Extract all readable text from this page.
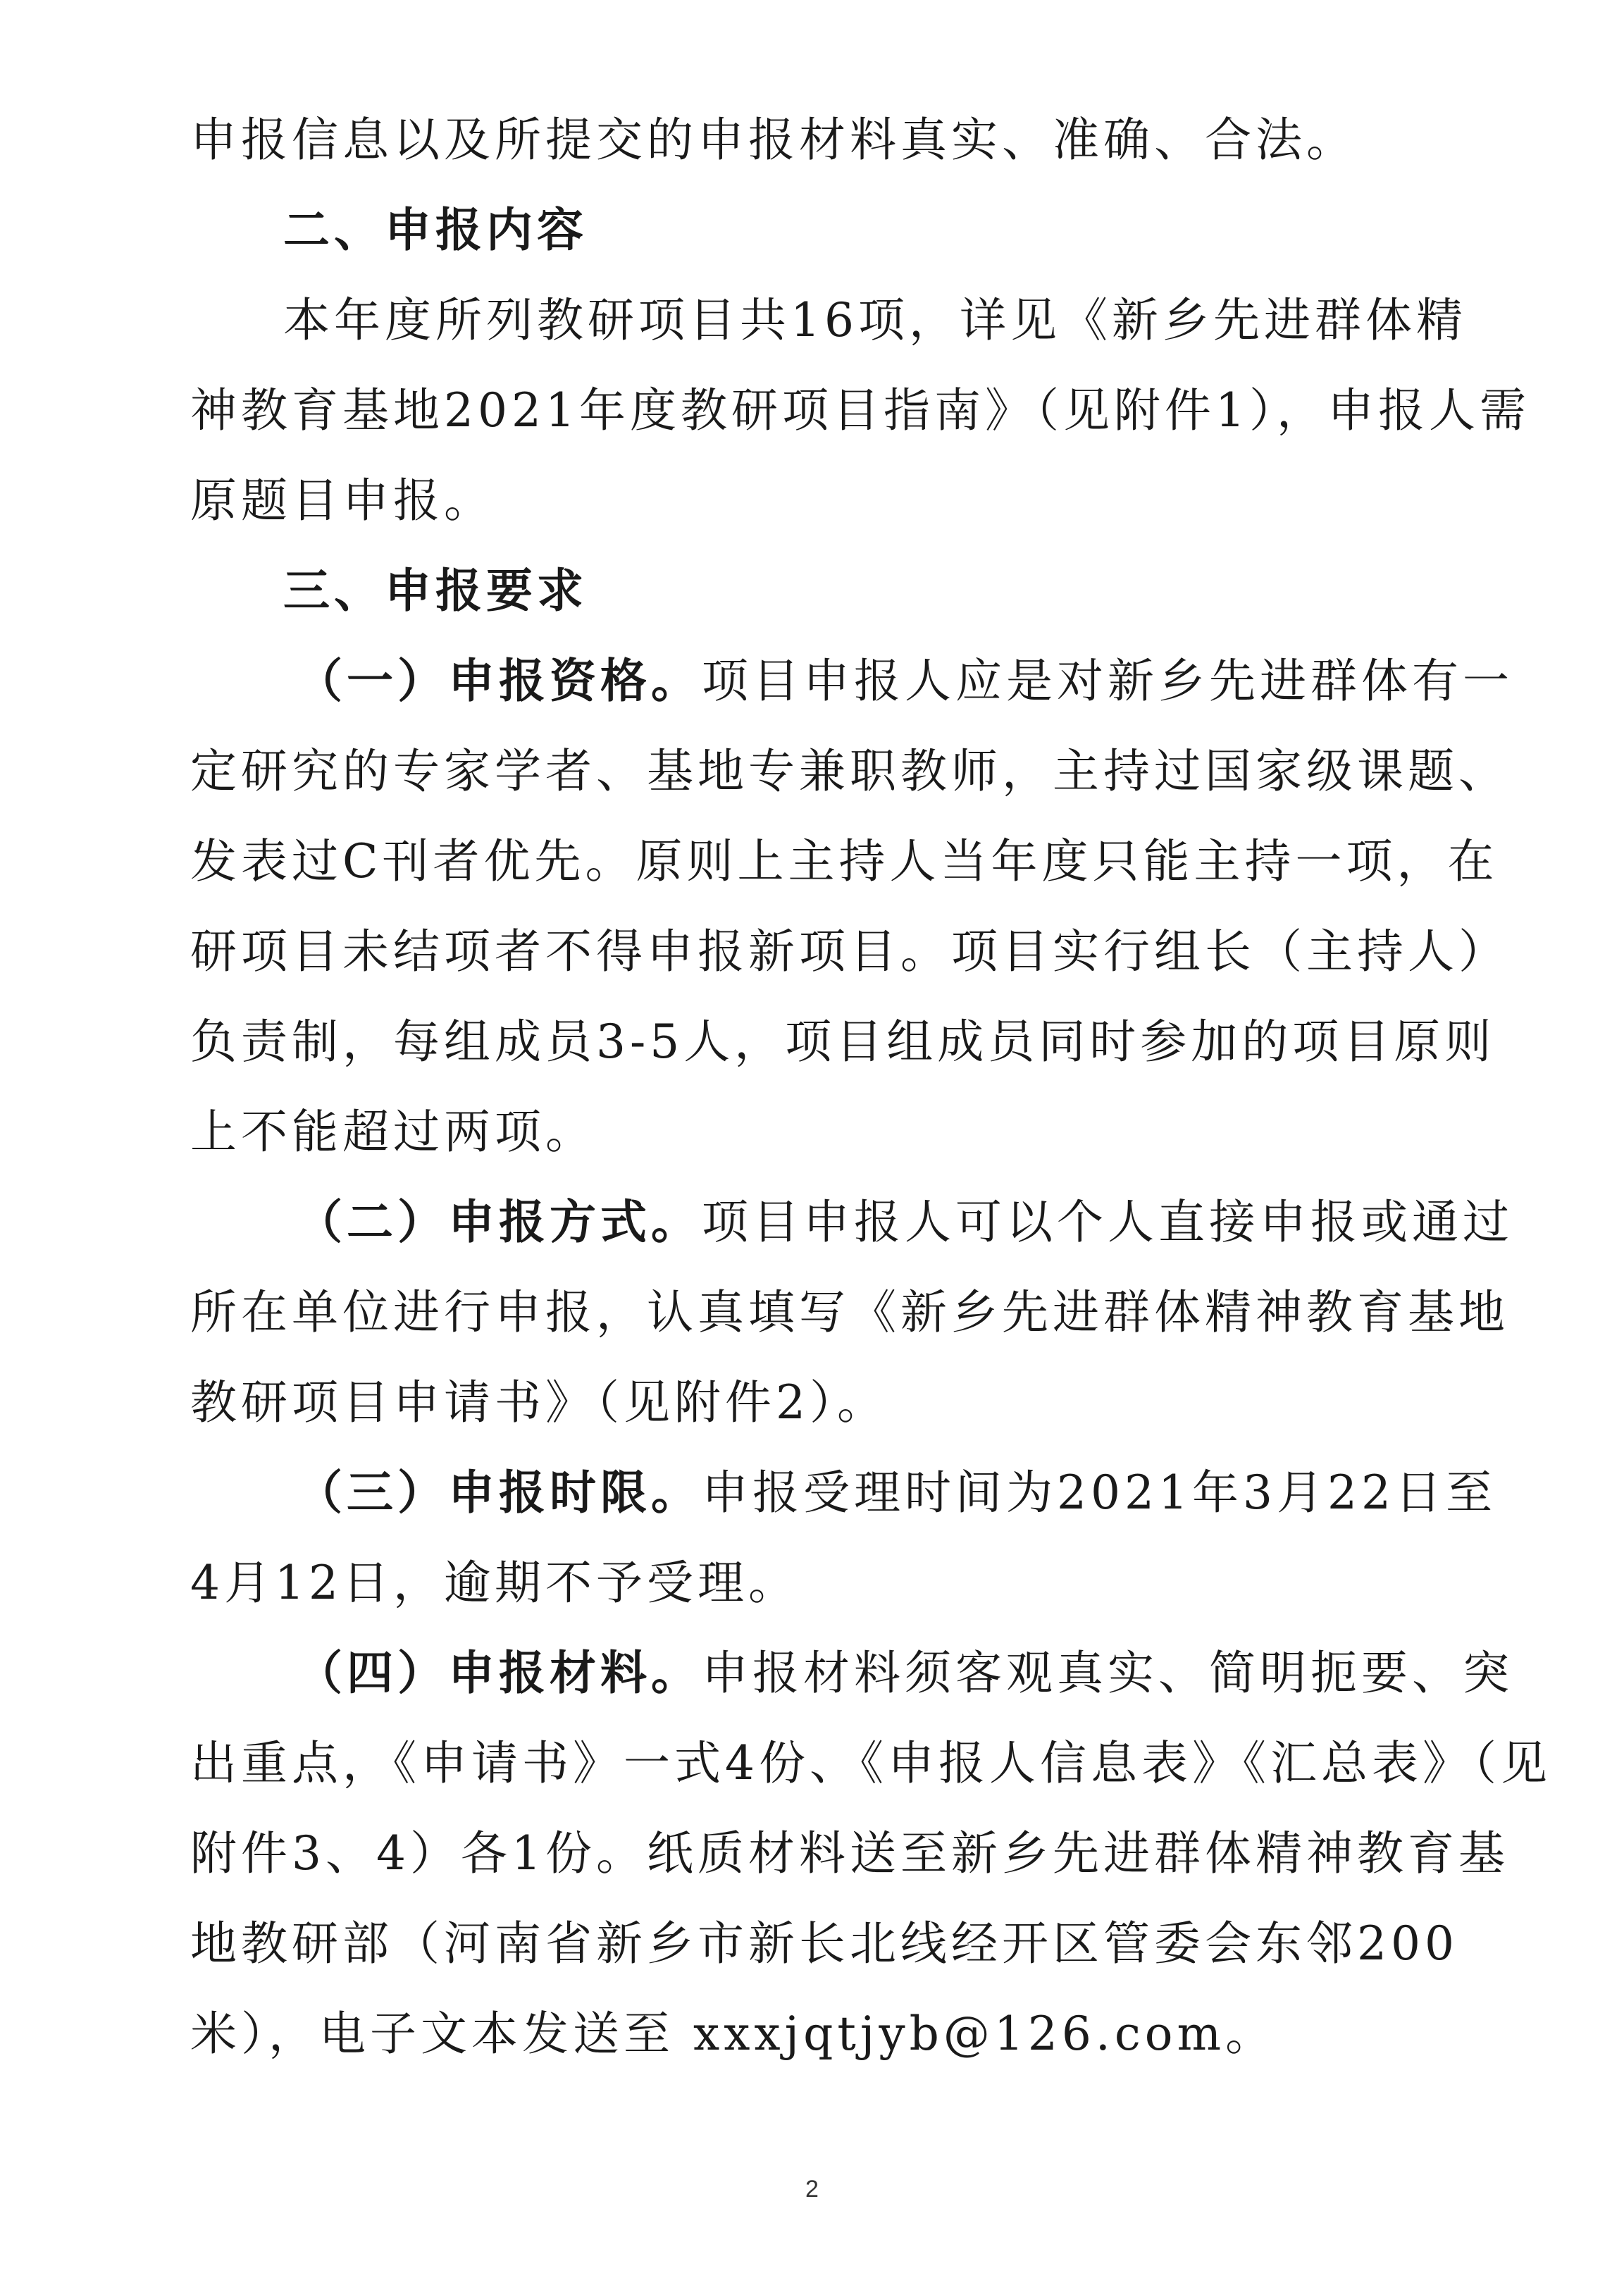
申报信息以及所提交的申报材料真实、准确、合法。
二、申报内容
本年度所列教研项目共16项，详见《新乡先进群体精
神教育基地2021年度教研项目指南》（见附件1），申报人需
原题目申报。
三、申报要求
（一）申报资格。项目申报人应是对新乡先进群体有一
定研究的专家学者、基地专兼职教师，主持过国家级课题、
发表过C刊者优先。原则上主持人当年度只能主持一项，在
研项目未结项者不得申报新项目。项目实行组长（主持人）
负责制，每组成员3-5人，项目组成员同时参加的项目原则
上不能超过两项。
（二）申报方式。项目申报人可以个人直接申报或通过
所在单位进行申报，认真填写《新乡先进群体精神教育基地
教研项目申请书》（见附件2）。
（三）申报时限。申报受理时间为2021年3月22日至
4月12日，逾期不予受理。
（四）申报材料。申报材料须客观真实、简明扼要、突
出重点，《申请书》一式4份、《申报人信息表》《汇总表》（见
附件3、4）各1份。纸质材料送至新乡先进群体精神教育基
地教研部（河南省新乡市新长北线经开区管委会东邻200
米），电子文本发送至 xxxjqtjyb@126.com。
2
